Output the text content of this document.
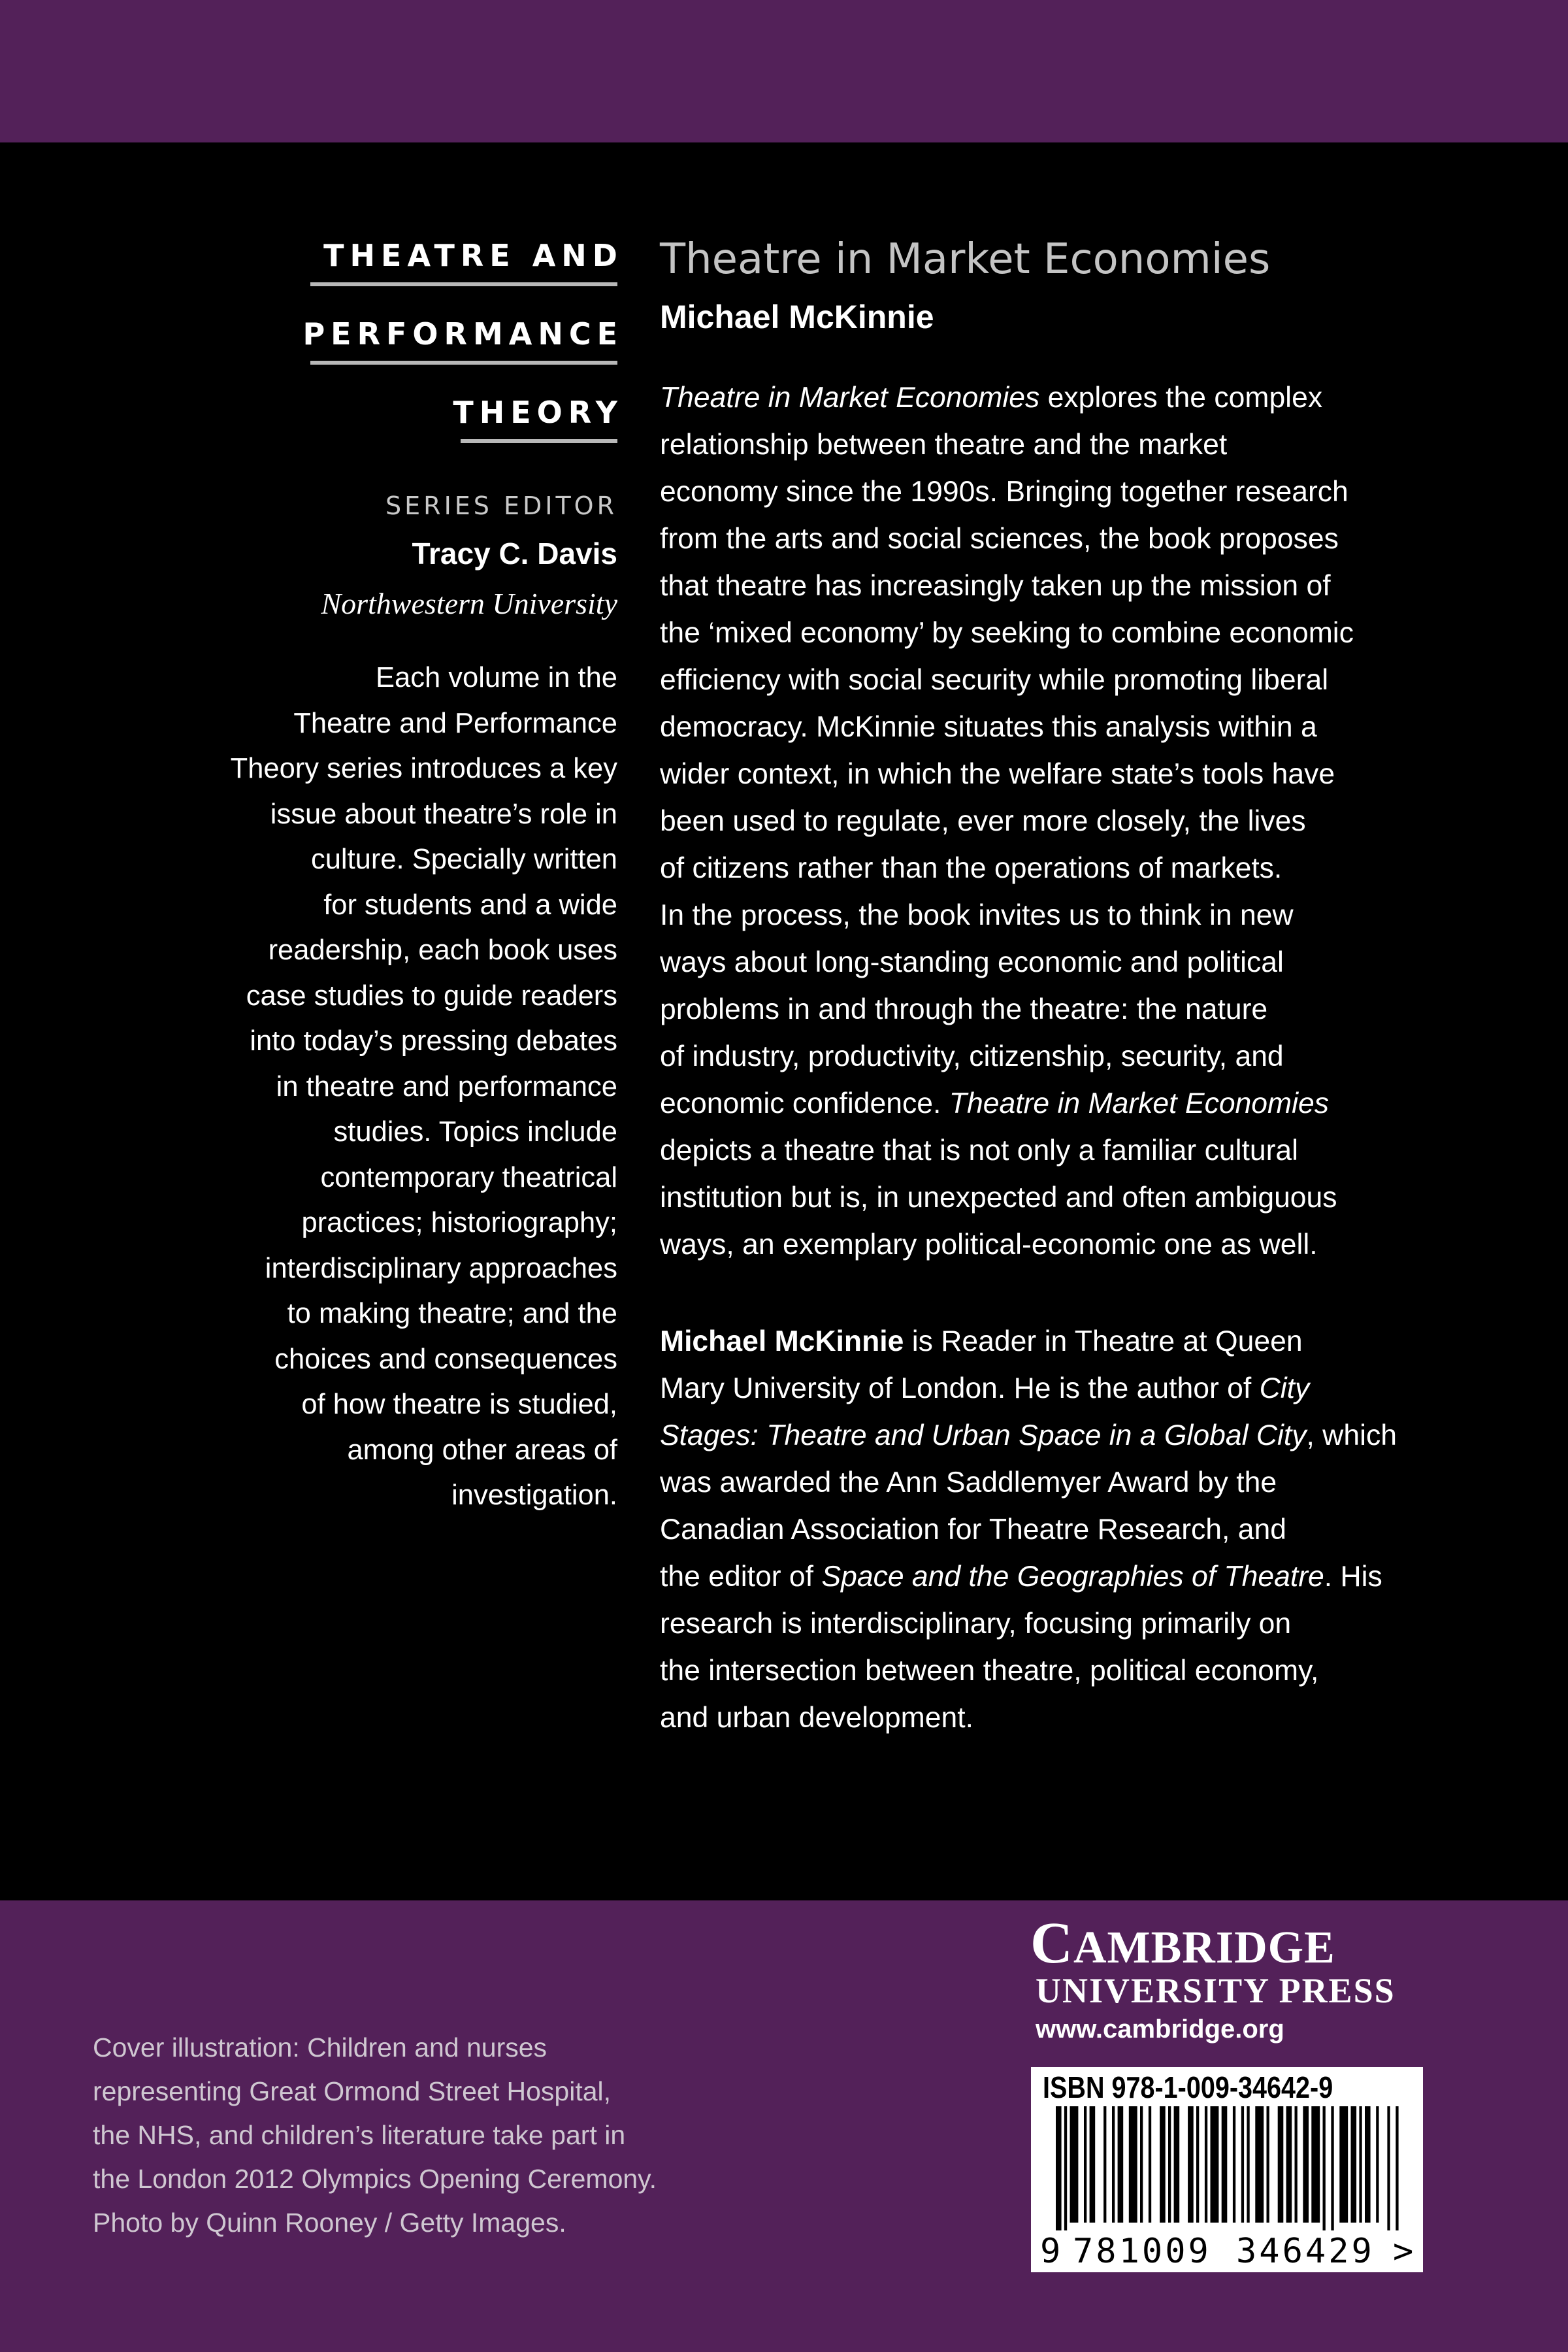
THEATRE AND
PERFORMANCE
THEORY
SERIES EDITOR
Tracy C. Davis
Northwestern University
Each volume in the
Theatre and Performance
Theory series introduces a key
issue about theatre’s role in
culture. Specially written
for students and a wide
readership, each book uses
case studies to guide readers
into today’s pressing debates
in theatre and performance
studies. Topics include
contemporary theatrical
practices; historiography;
interdisciplinary approaches
to making theatre; and the
choices and consequences
of how theatre is studied,
among other areas of
investigation.
Theatre in Market Economies
Michael McKinnie
Theatre in Market Economies explores the complex
relationship between theatre and the market
economy since the 1990s. Bringing together research
from the arts and social sciences, the book proposes
that theatre has increasingly taken up the mission of
the ‘mixed economy’ by seeking to combine economic
efficiency with social security while promoting liberal
democracy. McKinnie situates this analysis within a
wider context, in which the welfare state’s tools have
been used to regulate, ever more closely, the lives
of citizens rather than the operations of markets.
In the process, the book invites us to think in new
ways about long-standing economic and political
problems in and through the theatre: the nature
of industry, productivity, citizenship, security, and
economic confidence. Theatre in Market Economies
depicts a theatre that is not only a familiar cultural
institution but is, in unexpected and often ambiguous
ways, an exemplary political-economic one as well.
Michael McKinnie is Reader in Theatre at Queen
Mary University of London. He is the author of City
Stages: Theatre and Urban Space in a Global City, which
was awarded the Ann Saddlemyer Award by the
Canadian Association for Theatre Research, and
the editor of Space and the Geographies of Theatre. His
research is interdisciplinary, focusing primarily on
the intersection between theatre, political economy,
and urban development.
Cover illustration: Children and nurses
representing Great Ormond Street Hospital,
the NHS, and children’s literature take part in
the London 2012 Olympics Opening Ceremony.
Photo by Quinn Rooney / Getty Images.
CAMBRIDGE
UNIVERSITY PRESS
www.cambridge.org
ISBN 978-1-009-34642-9
9 781009 346429 >
